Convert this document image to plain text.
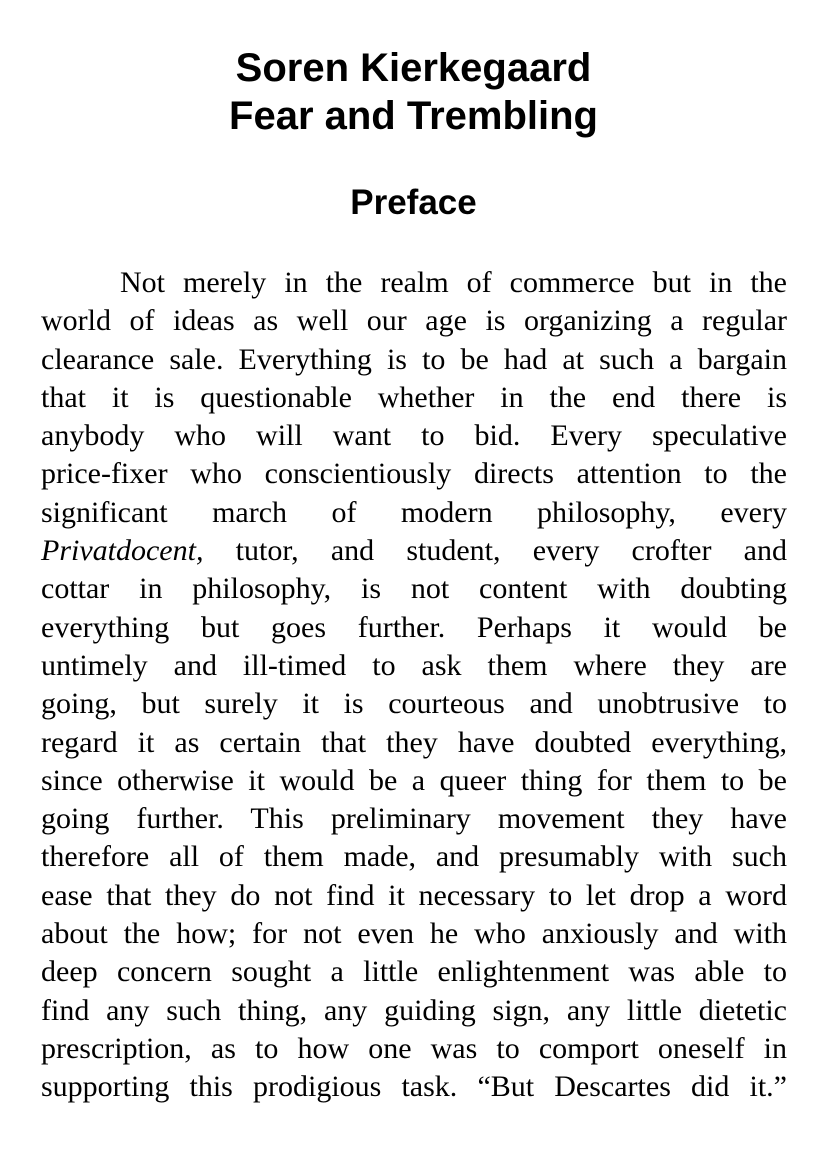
Soren Kierkegaard
Fear and Trembling
Preface
Not merely in the realm of commerce but in the
world of ideas as well our age is organizing a regular
clearance sale. Everything is to be had at such a bargain
that it is questionable whether in the end there is
anybody who will want to bid. Every speculative
price-fixer who conscientiously directs attention to the
significant march of modern philosophy, every
Privatdocent, tutor, and student, every crofter and
cottar in philosophy, is not content with doubting
everything but goes further. Perhaps it would be
untimely and ill-timed to ask them where they are
going, but surely it is courteous and unobtrusive to
regard it as certain that they have doubted everything,
since otherwise it would be a queer thing for them to be
going further. This preliminary movement they have
therefore all of them made, and presumably with such
ease that they do not find it necessary to let drop a word
about the how; for not even he who anxiously and with
deep concern sought a little enlightenment was able to
find any such thing, any guiding sign, any little dietetic
prescription, as to how one was to comport oneself in
supporting this prodigious task. “But Descartes did it.”
